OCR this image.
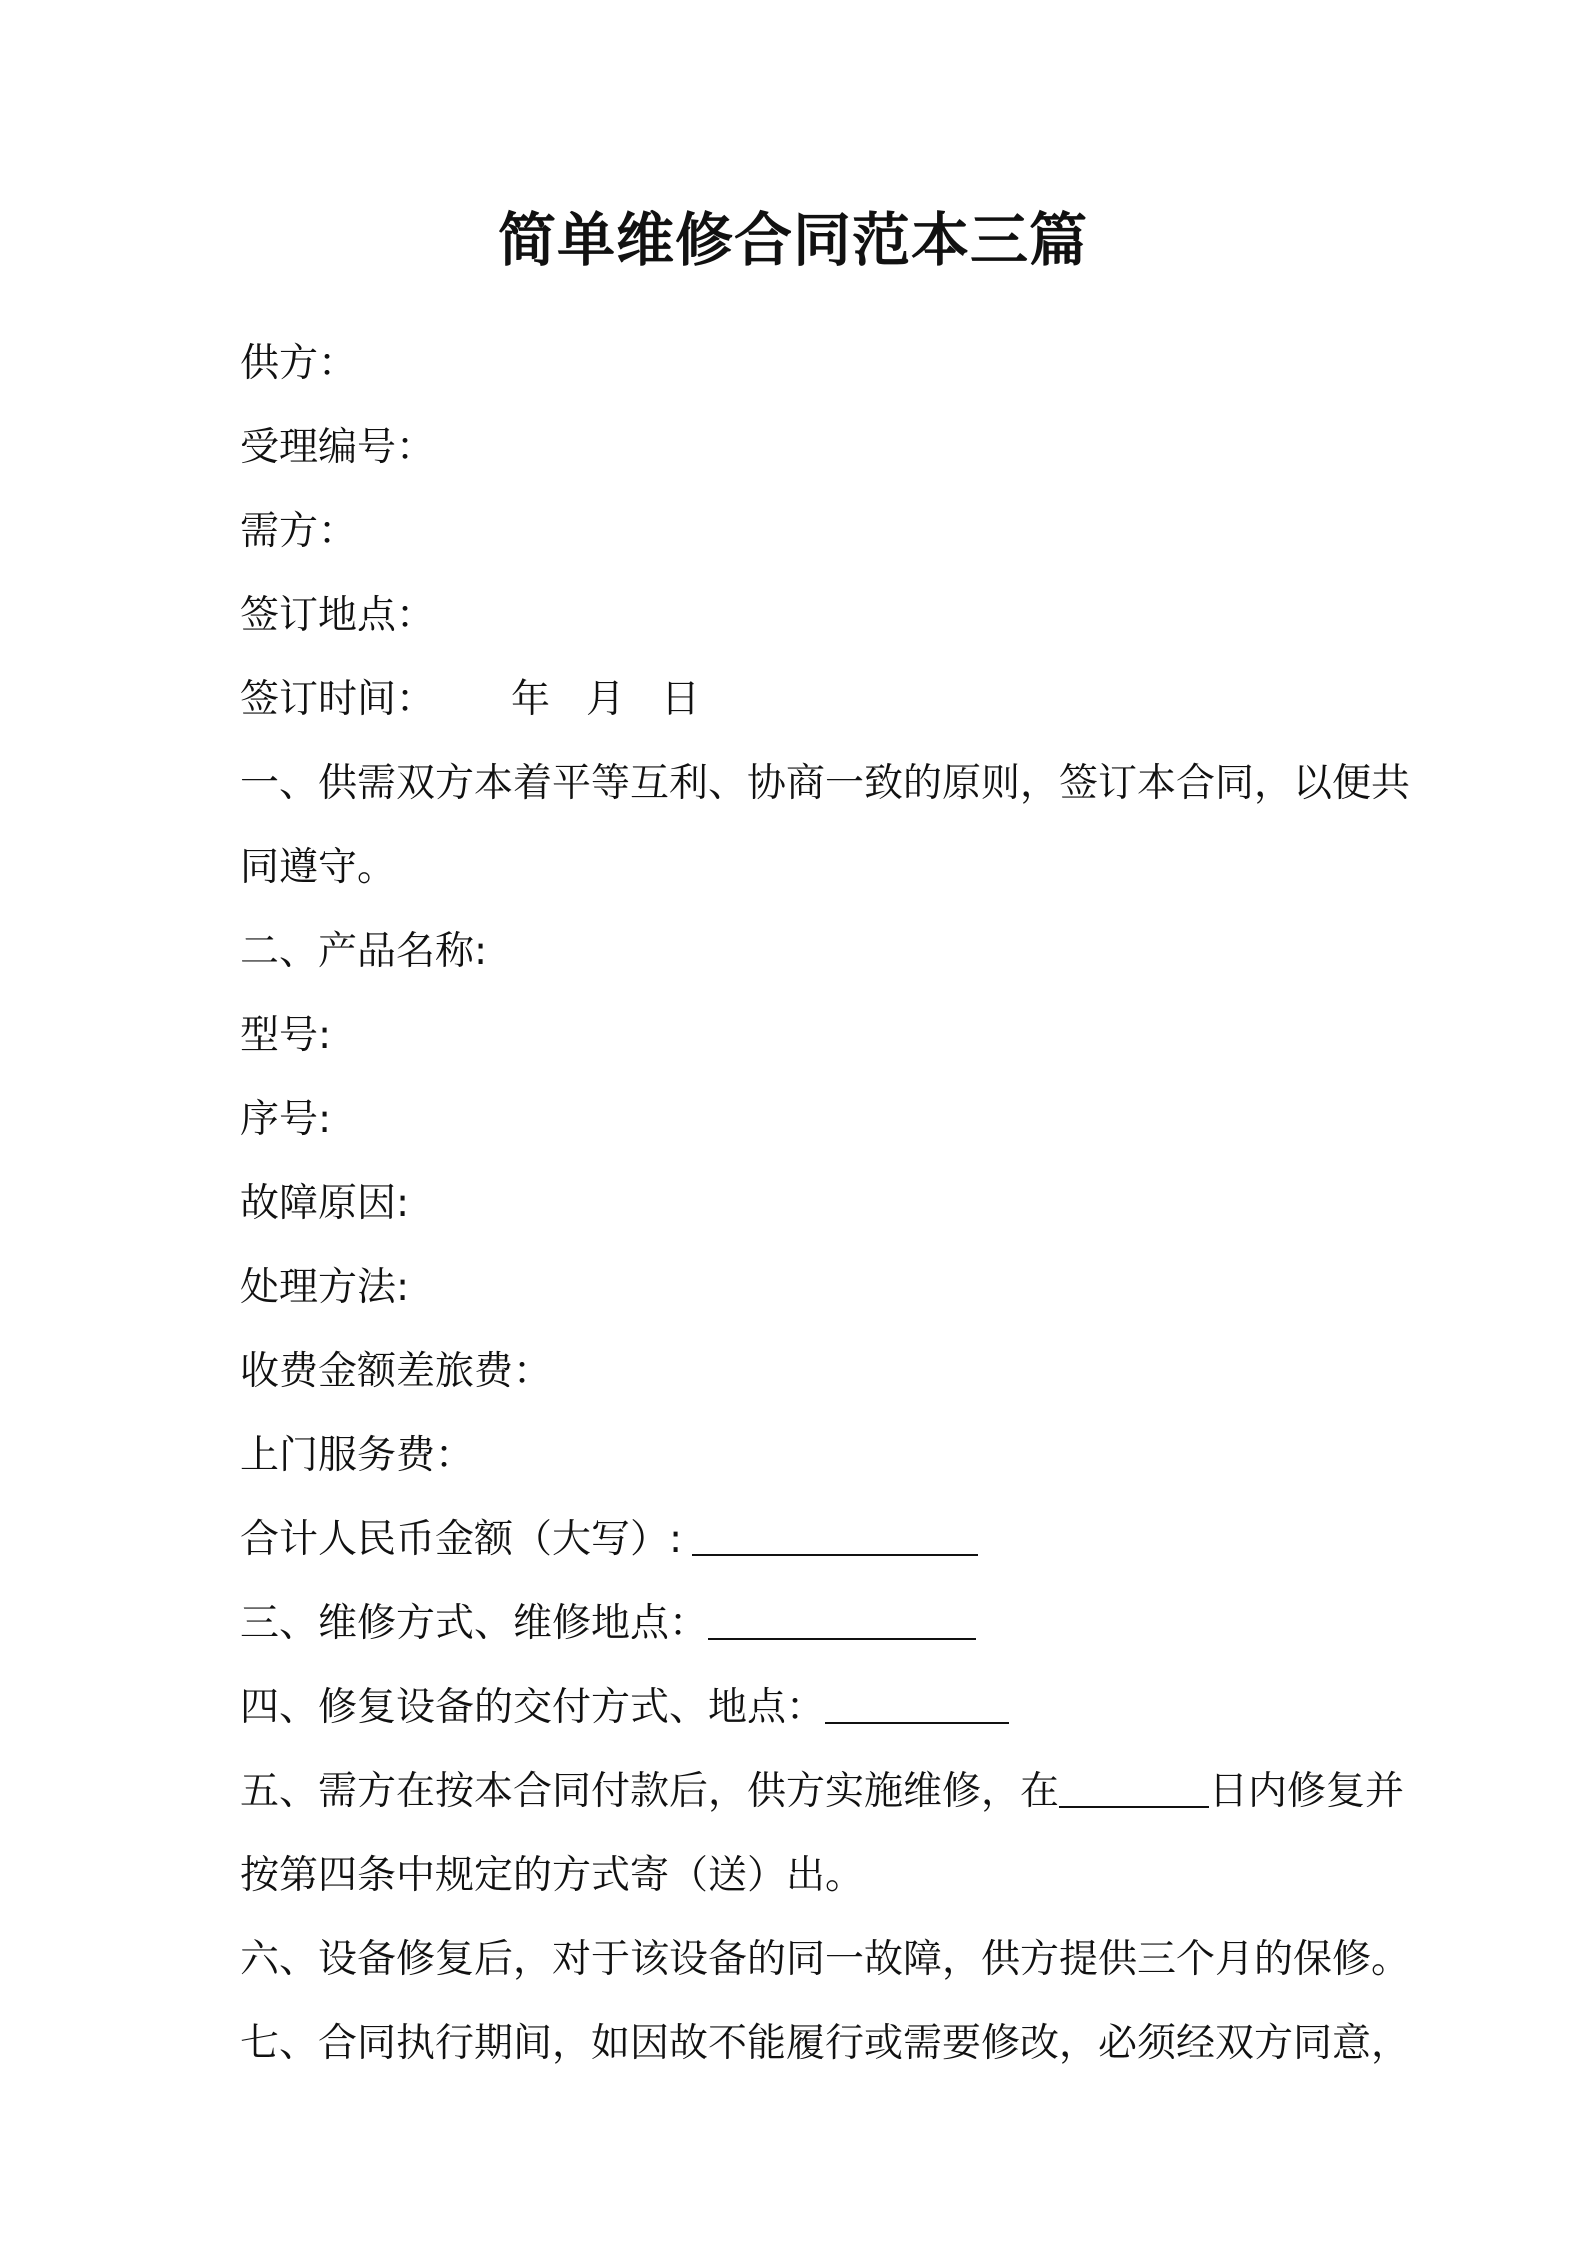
简单维修合同范本三篇
供方：
受理编号：
需方：
签订地点：
签订时间： 年 月 日
一、供需双方本着平等互利、协商一致的原则，签订本合同，以便共
同遵守。
二、产品名称:
型号:
序号:
故障原因:
处理方法:
收费金额差旅费：
上门服务费：
合计人民币金额（大写）:
三、维修方式、维修地点：
四、修复设备的交付方式、地点：
五、需方在按本合同付款后，供方实施维修，在	日内修复并
按第四条中规定的方式寄（送）出。
六、设备修复后，对于该设备的同一故障，供方提供三个月的保修。
七、合同执行期间，如因故不能履行或需要修改，必须经双方同意，
